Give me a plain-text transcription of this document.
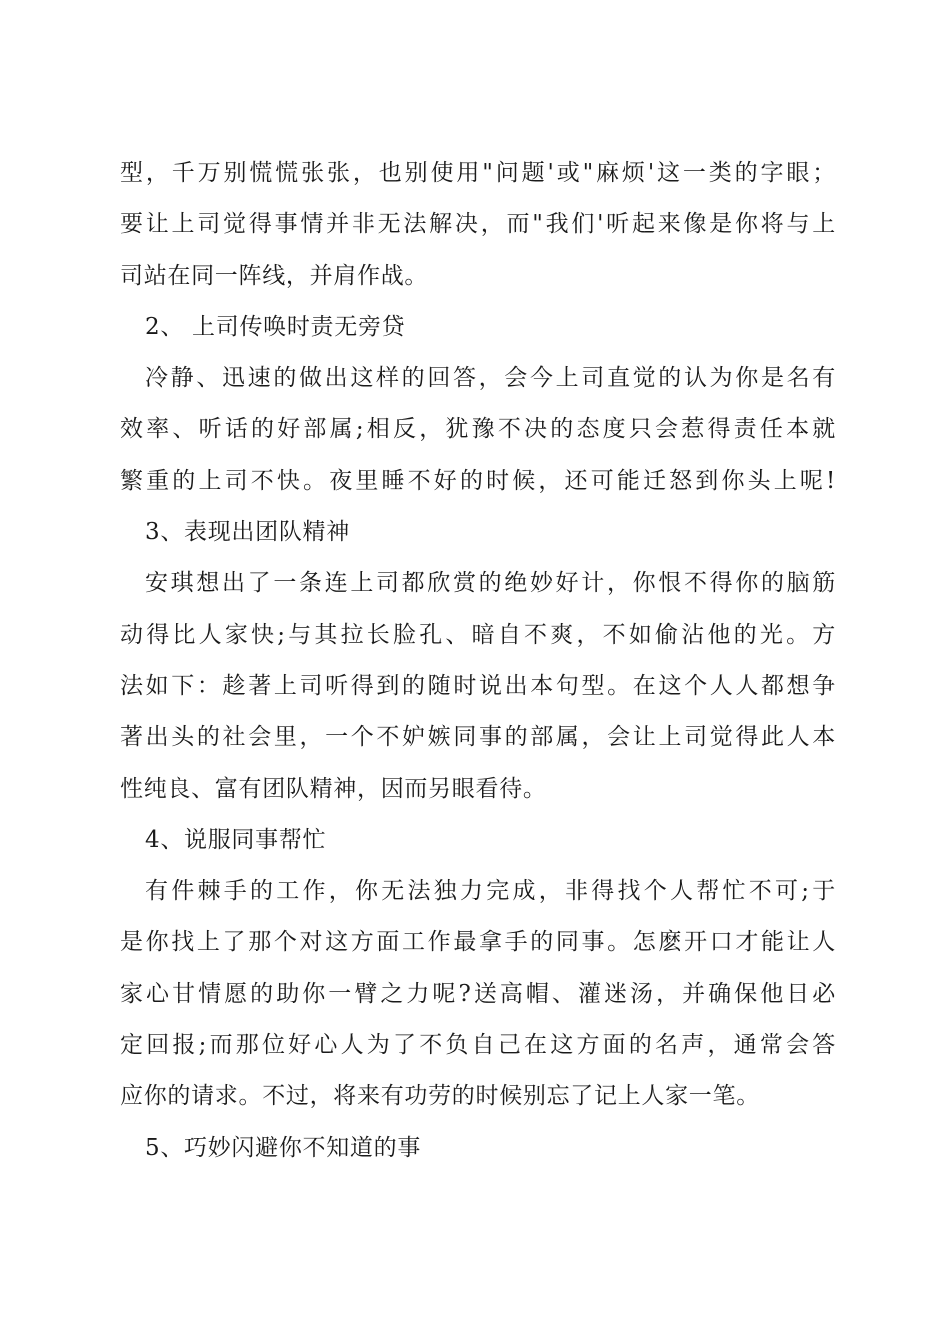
型，千万别慌慌张张，也别使用"问题'或"麻烦'这一类的字眼；
要让上司觉得事情并非无法解决，而"我们'听起来像是你将与上
司站在同一阵线，并肩作战。
2、 上司传唤时责无旁贷
冷静、迅速的做出这样的回答，会今上司直觉的认为你是名有
效率、听话的好部属;相反，犹豫不决的态度只会惹得责任本就
繁重的上司不快。夜里睡不好的时候，还可能迁怒到你头上呢!
3、表现出团队精神
安琪想出了一条连上司都欣赏的绝妙好计，你恨不得你的脑筋
动得比人家快;与其拉长脸孔、暗自不爽，不如偷沾他的光。方
法如下：趁著上司听得到的随时说出本句型。在这个人人都想争
著出头的社会里，一个不妒嫉同事的部属，会让上司觉得此人本
性纯良、富有团队精神，因而另眼看待。
4、说服同事帮忙
有件棘手的工作，你无法独力完成，非得找个人帮忙不可;于
是你找上了那个对这方面工作最拿手的同事。怎麽开口才能让人
家心甘情愿的助你一臂之力呢?送高帽、灌迷汤，并确保他日必
定回报;而那位好心人为了不负自己在这方面的名声，通常会答
应你的请求。不过，将来有功劳的时候别忘了记上人家一笔。
5、巧妙闪避你不知道的事
